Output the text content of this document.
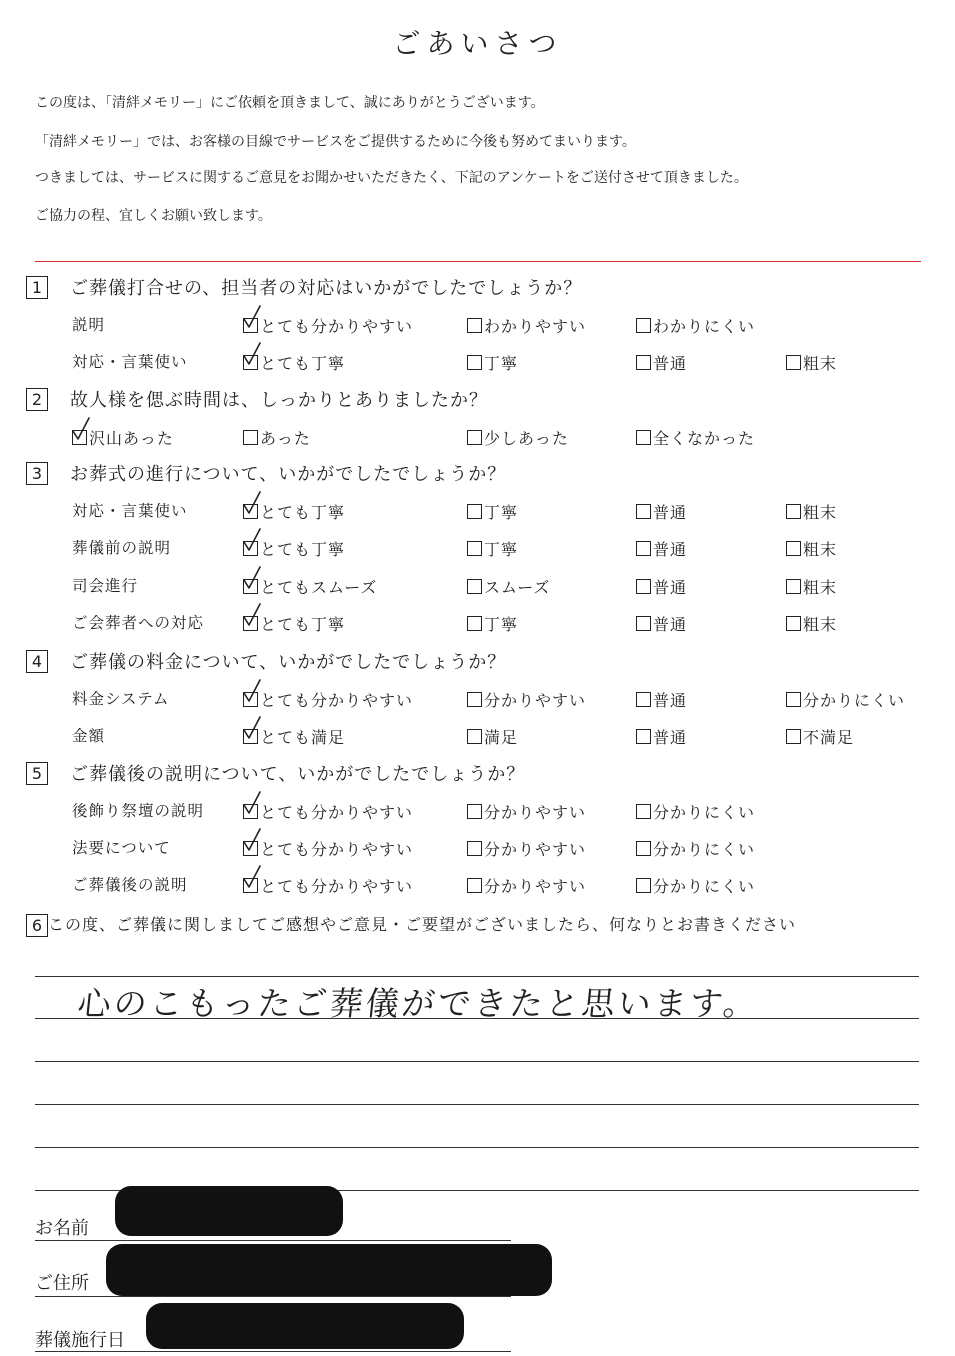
ごあいさつ
この度は、「清絆メモリー」にご依頼を頂きまして、誠にありがとうございます。
「清絆メモリー」では、お客様の目線でサービスをご提供するために今後も努めてまいります。
つきましては、サービスに関するご意見をお聞かせいただきたく、下記のアンケートをご送付させて頂きました。
ご協力の程、宜しくお願い致します。
1	ご葬儀打合せの、担当者の対応はいかがでしたでしょうか？
説明	とても分かりやすい	わかりやすい	わかりにくい
対応・言葉使い	とても丁寧	丁寧	普通	粗末
2	故人様を偲ぶ時間は、しっかりとありましたか？
沢山あった	あった	少しあった	全くなかった
3	お葬式の進行について、いかがでしたでしょうか？
対応・言葉使い	とても丁寧	丁寧	普通	粗末
葬儀前の説明	とても丁寧	丁寧	普通	粗末
司会進行	とてもスムーズ	スムーズ	普通	粗末
ご会葬者への対応	とても丁寧	丁寧	普通	粗末
4	ご葬儀の料金について、いかがでしたでしょうか？
料金システム	とても分かりやすい	分かりやすい	普通	分かりにくい
金額	とても満足	満足	普通	不満足
5	ご葬儀後の説明について、いかがでしたでしょうか？
後飾り祭壇の説明	とても分かりやすい	分かりやすい	分かりにくい
法要について	とても分かりやすい	分かりやすい	分かりにくい
ご葬儀後の説明	とても分かりやすい	分かりやすい	分かりにくい
6 この度、ご葬儀に関しましてご感想やご意見・ご要望がございましたら、何なりとお書きください
心のこもったご葬儀ができたと思います。
お名前
ご住所
葬儀施行日
